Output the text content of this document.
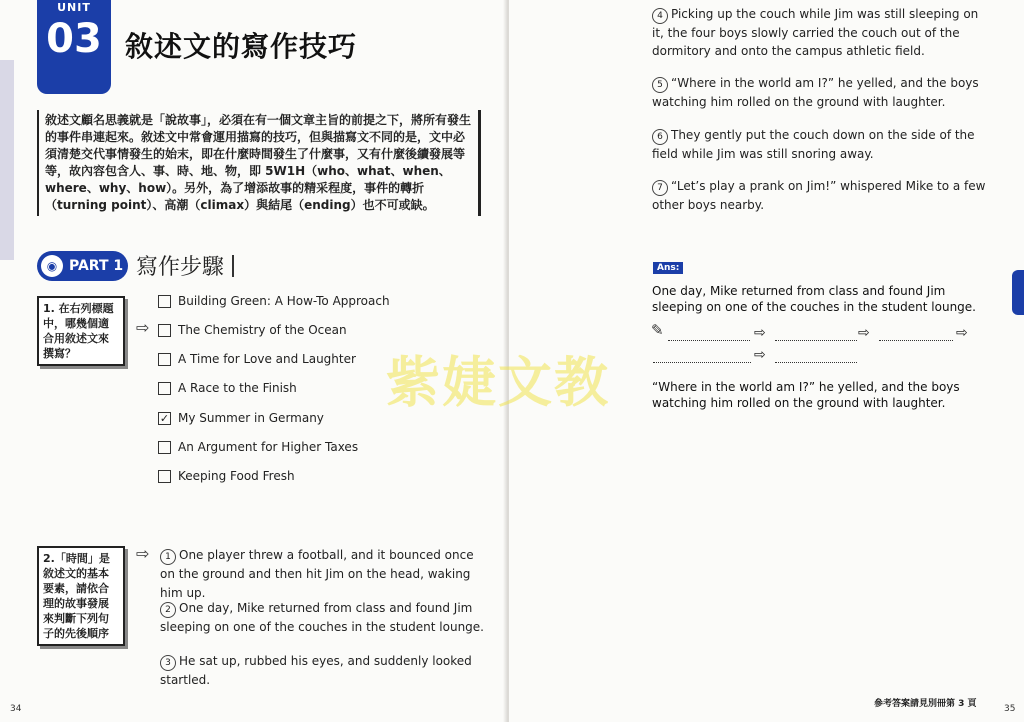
UNIT
03 敘述文的寫作技巧
敘述文顧名思義就是「說故事」，必須在有一個文章主旨的前提之下，將所有發生的事件串連起來。敘述文中常會運用描寫的技巧，但與描寫文不同的是，文中必須清楚交代事情發生的始末，即在什麼時間發生了什麼事，又有什麼後續發展等等，故內容包含人、事、時、地、物，即 5W1H（who、what、when、where、why、how）。另外，為了增添故事的精采程度，事件的轉折（turning point）、高潮（climax）與結尾（ending）也不可或缺。
◉ PART 1 寫作步驟
1. 在右列標題中，哪幾個適合用敘述文來撰寫？
⇨
Building Green: A How-To Approach
The Chemistry of the Ocean
A Time for Love and Laughter
A Race to the Finish
✓ My Summer in Germany
An Argument for Higher Taxes
Keeping Food Fresh
2.「時間」是敘述文的基本要素，請依合理的故事發展來判斷下列句子的先後順序
⇨	1 One player threw a football, and it bounced once on the ground and then hit Jim on the head, waking him up.
2 One day, Mike returned from class and found Jim sleeping on one of the couches in the student lounge.
3 He sat up, rubbed his eyes, and suddenly looked startled.
34
4 Picking up the couch while Jim was still sleeping on it, the four boys slowly carried the couch out of the dormitory and onto the campus athletic field.
5 “Where in the world am I?” he yelled, and the boys watching him rolled on the ground with laughter.
6 They gently put the couch down on the side of the field while Jim was still snoring away.
7 “Let’s play a prank on Jim!” whispered Mike to a few other boys nearby.
Ans:
One day, Mike returned from class and found Jim sleeping on one of the couches in the student lounge.
✎	⇨	⇨	⇨
⇨
“Where in the world am I?” he yelled, and the boys watching him rolled on the ground with laughter.
紫婕文教
參考答案請見別冊第 3 頁	35
